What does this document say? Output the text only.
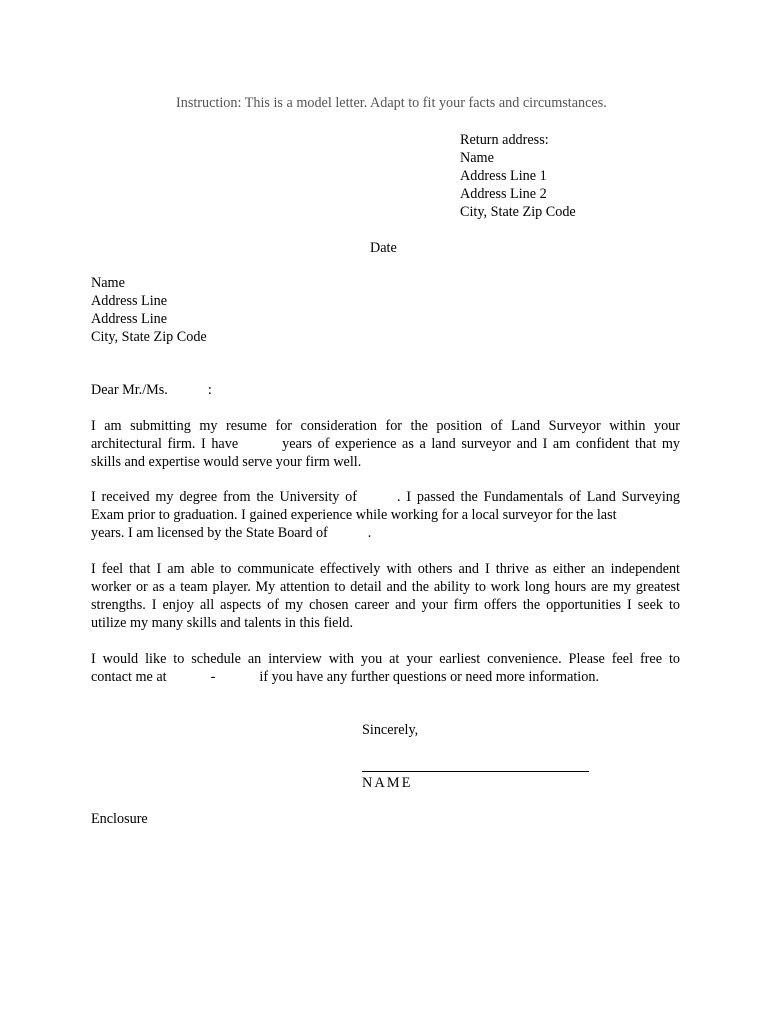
Instruction: This is a model letter. Adapt to fit your facts and circumstances.
Return address:
Name
Address Line 1
Address Line 2
City, State Zip Code
Date
Name
Address Line
Address Line
City, State Zip Code
Dear Mr./Ms.	:
I am submitting my resume for consideration for the position of Land Surveyor within your
architectural firm. I have	years of experience as a land surveyor and I am confident that my
skills and expertise would serve your firm well.
I received my degree from the University of	. I passed the Fundamentals of Land Surveying
Exam prior to graduation. I gained experience while working for a local surveyor for the last
years. I am licensed by the State Board of	.
I feel that I am able to communicate effectively with others and I thrive as either an independent
worker or as a team player. My attention to detail and the ability to work long hours are my greatest
strengths. I enjoy all aspects of my chosen career and your firm offers the opportunities I seek to
utilize my many skills and talents in this field.
I would like to schedule an interview with you at your earliest convenience. Please feel free to
contact me at	-	if you have any further questions or need more information.
Sincerely,
NAME
Enclosure
